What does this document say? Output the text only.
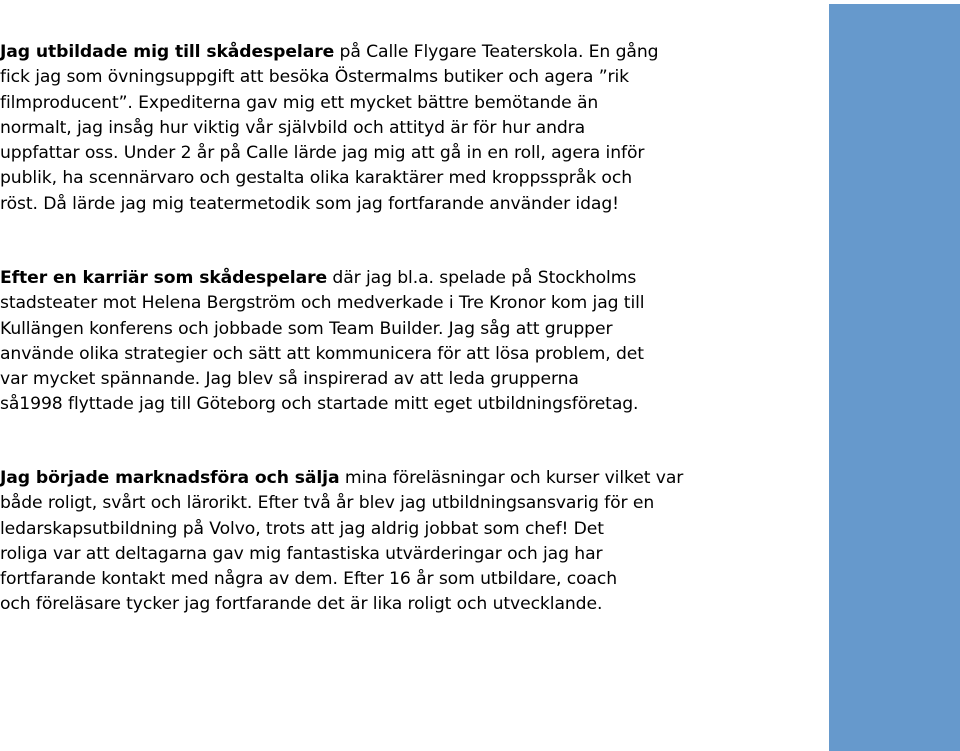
Jag utbildade mig till skådespelare på Calle Flygare Teaterskola. En gång
fick jag som övningsuppgift att besöka Östermalms butiker och agera ”rik
filmproducent”. Expediterna gav mig ett mycket bättre bemötande än
normalt, jag insåg hur viktig vår självbild och attityd är för hur andra
uppfattar oss. Under 2 år på Calle lärde jag mig att gå in en roll, agera inför
publik, ha scennärvaro och gestalta olika karaktärer med kroppsspråk och
röst. Då lärde jag mig teatermetodik som jag fortfarande använder idag!
Efter en karriär som skådespelare där jag bl.a. spelade på Stockholms
stadsteater mot Helena Bergström och medverkade i Tre Kronor kom jag till
Kullängen konferens och jobbade som Team Builder. Jag såg att grupper
använde olika strategier och sätt att kommunicera för att lösa problem, det
var mycket spännande. Jag blev så inspirerad av att leda grupperna
så1998 flyttade jag till Göteborg och startade mitt eget utbildningsföretag.
Jag började marknadsföra och sälja mina föreläsningar och kurser vilket var
både roligt, svårt och lärorikt. Efter två år blev jag utbildningsansvarig för en
ledarskapsutbildning på Volvo, trots att jag aldrig jobbat som chef! Det
roliga var att deltagarna gav mig fantastiska utvärderingar och jag har
fortfarande kontakt med några av dem. Efter 16 år som utbildare, coach
och föreläsare tycker jag fortfarande det är lika roligt och utvecklande.
